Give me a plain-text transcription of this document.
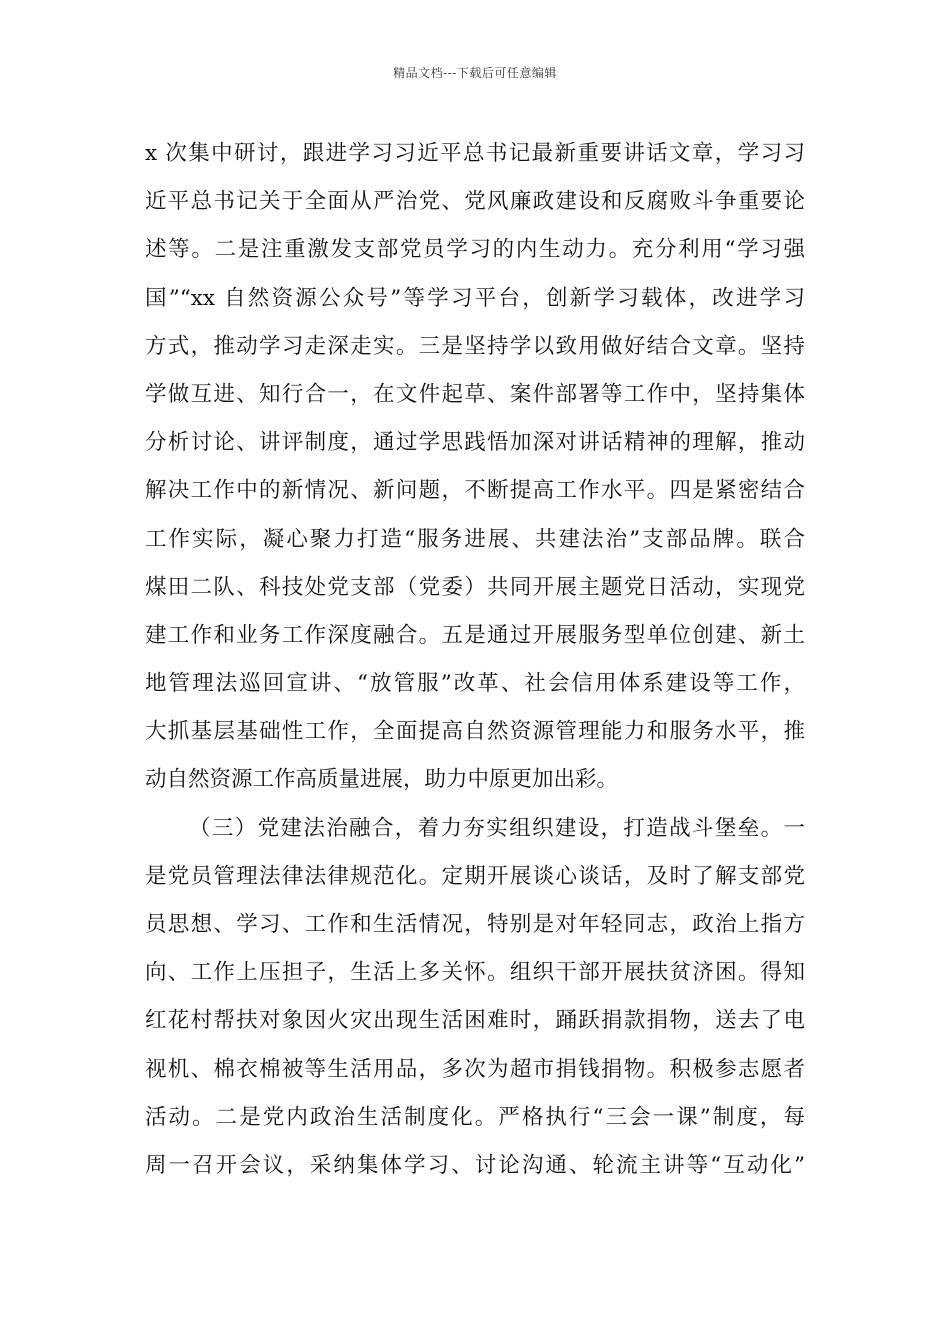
精品文档---下载后可任意编辑
x 次集中研讨，跟进学习习近平总书记最新重要讲话文章，学习习
近平总书记关于全面从严治党、党风廉政建设和反腐败斗争重要论
述等。二是注重激发支部党员学习的内生动力。充分利用“学习强
国”“xx 自然资源公众号”等学习平台，创新学习载体，改进学习
方式，推动学习走深走实。三是坚持学以致用做好结合文章。坚持
学做互进、知行合一，在文件起草、案件部署等工作中，坚持集体
分析讨论、讲评制度，通过学思践悟加深对讲话精神的理解，推动
解决工作中的新情况、新问题，不断提高工作水平。四是紧密结合
工作实际，凝心聚力打造“服务进展、共建法治”支部品牌。联合
煤田二队、科技处党支部（党委）共同开展主题党日活动，实现党
建工作和业务工作深度融合。五是通过开展服务型单位创建、新土
地管理法巡回宣讲、“放管服”改革、社会信用体系建设等工作，
大抓基层基础性工作，全面提高自然资源管理能力和服务水平，推
动自然资源工作高质量进展，助力中原更加出彩。
（三）党建法治融合，着力夯实组织建设，打造战斗堡垒。一
是党员管理法律法律规范化。定期开展谈心谈话，及时了解支部党
员思想、学习、工作和生活情况，特别是对年轻同志，政治上指方
向、工作上压担子，生活上多关怀。组织干部开展扶贫济困。得知
红花村帮扶对象因火灾出现生活困难时，踊跃捐款捐物，送去了电
视机、棉衣棉被等生活用品，多次为超市捐钱捐物。积极参志愿者
活动。二是党内政治生活制度化。严格执行“三会一课”制度，每
周一召开会议，采纳集体学习、讨论沟通、轮流主讲等“互动化”
